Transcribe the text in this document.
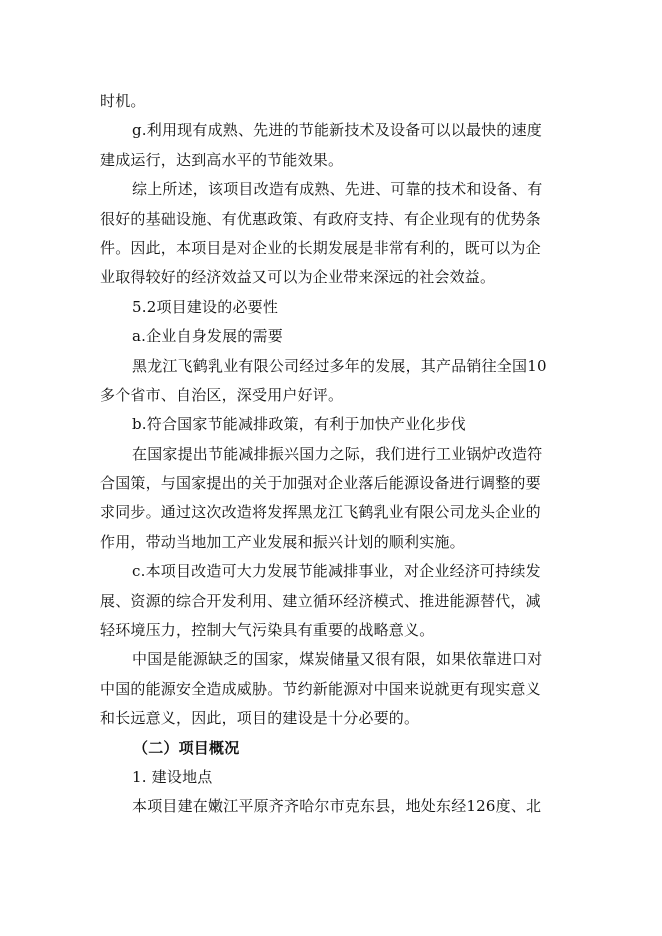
时机。
g.利用现有成熟、先进的节能新技术及设备可以以最快的速度
建成运行，达到高水平的节能效果。
综上所述，该项目改造有成熟、先进、可靠的技术和设备、有
很好的基础设施、有优惠政策、有政府支持、有企业现有的优势条
件。因此，本项目是对企业的长期发展是非常有利的，既可以为企
业取得较好的经济效益又可以为企业带来深远的社会效益。
5.2项目建设的必要性
a.企业自身发展的需要
黑龙江飞鹤乳业有限公司经过多年的发展，其产品销往全国10
多个省市、自治区，深受用户好评。
b.符合国家节能减排政策，有利于加快产业化步伐
在国家提出节能减排振兴国力之际，我们进行工业锅炉改造符
合国策，与国家提出的关于加强对企业落后能源设备进行调整的要
求同步。通过这次改造将发挥黑龙江飞鹤乳业有限公司龙头企业的
作用，带动当地加工产业发展和振兴计划的顺利实施。
c.本项目改造可大力发展节能减排事业，对企业经济可持续发
展、资源的综合开发利用、建立循环经济模式、推进能源替代，减
轻环境压力，控制大气污染具有重要的战略意义。
中国是能源缺乏的国家，煤炭储量又很有限，如果依靠进口对
中国的能源安全造成威胁。节约新能源对中国来说就更有现实意义
和长远意义，因此，项目的建设是十分必要的。
（二）项目概况
1. 建设地点
本项目建在嫩江平原齐齐哈尔市克东县，地处东经126度、北
